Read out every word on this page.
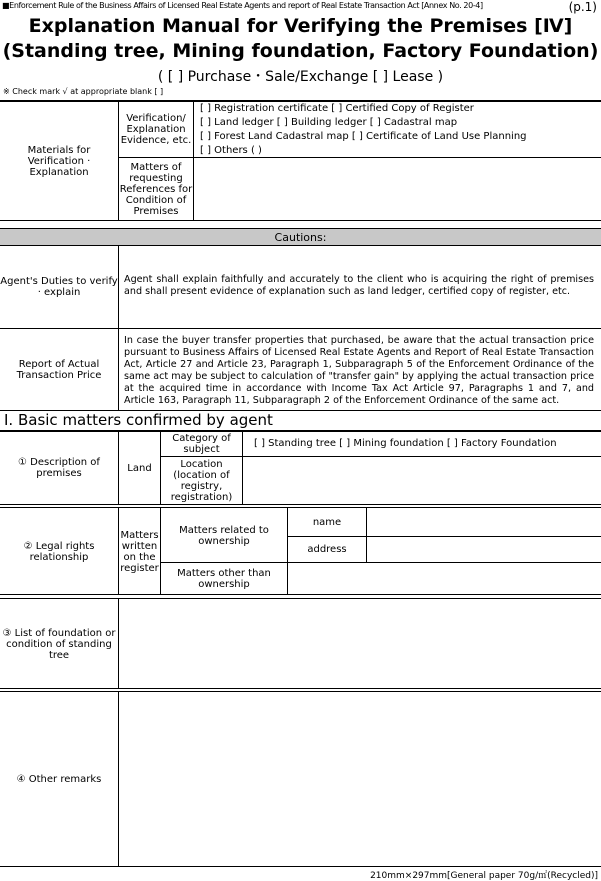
■Enforcement Rule of the Business Affairs of Licensed Real Estate Agents and report of Real Estate Transaction Act [Annex No. 20-4]	(p.1)
Explanation Manual for Verifying the Premises [Ⅳ]
(Standing tree, Mining foundation, Factory Foundation)
( [ ] Purchase・Sale/Exchange [ ] Lease )
※ Check mark √ at appropriate blank [ ]
Materials for Verification · Explanation
Verification/ Explanation Evidence, etc.
[ ] Registration certificate [ ] Certified Copy of Register
[ ] Land ledger [ ] Building ledger [ ] Cadastral map
[ ] Forest Land Cadastral map [ ] Certificate of Land Use Planning
[ ] Others ( )
Matters of requesting References for Condition of Premises
Cautions:
Agent's Duties to verify · explain
Agent shall explain faithfully and accurately to the client who is acquiring the right of premises and shall present evidence of explanation such as land ledger, certified copy of register, etc.
Report of Actual Transaction Price
In case the buyer transfer properties that purchased, be aware that the actual transaction price pursuant to Business Affairs of Licensed Real Estate Agents and Report of Real Estate Transaction Act, Article 27 and Article 23, Paragraph 1, Subparagraph 5 of the Enforcement Ordinance of the same act may be subject to calculation of "transfer gain" by applying the actual transaction price at the acquired time in accordance with Income Tax Act Article 97, Paragraphs 1 and 7, and Article 163, Paragraph 11, Subparagraph 2 of the Enforcement Ordinance of the same act.
Ⅰ. Basic matters confirmed by agent
① Description of premises	Land
Category of subject
[ ] Standing tree [ ] Mining foundation [ ] Factory Foundation
Location (location of registry, registration)
② Legal rights relationship
Matters written on the register
Matters related to ownership
name
address
Matters other than ownership
③ List of foundation or condition of standing tree
④ Other remarks
210mm×297mm[General paper 70g/㎡(Recycled)]
